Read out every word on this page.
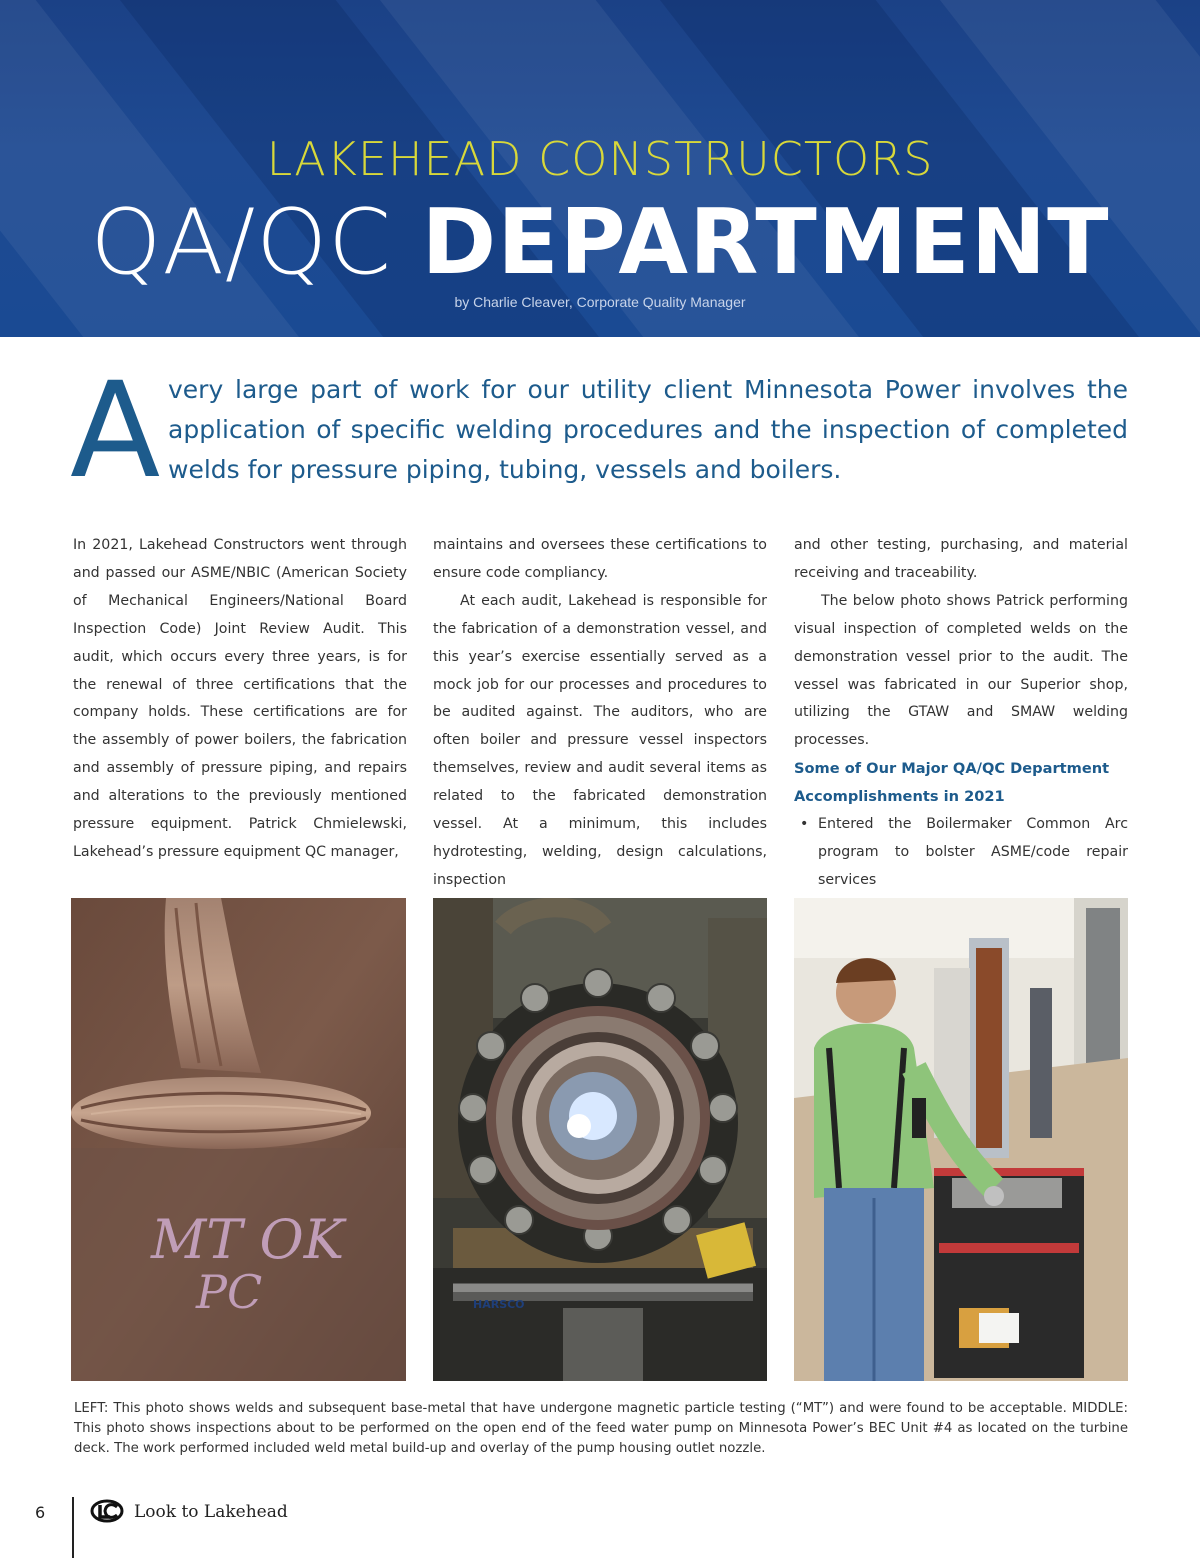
LAKEHEAD CONSTRUCTORS
QA/QC DEPARTMENT
by Charlie Cleaver, Corporate Quality Manager
A very large part of work for our utility client Minnesota Power involves the application of specific welding procedures and the inspection of completed welds for pressure piping, tubing, vessels and boilers.

In 2021, Lakehead Constructors went through and passed our ASME/NBIC (American Society of Mechanical Engineers/National Board Inspection Code) Joint Review Audit. This audit, which occurs every three years, is for the renewal of three certifications that the company holds. These certifications are for the assembly of power boilers, the fabrication and assembly of pressure piping, and repairs and alterations to the previously mentioned pressure equipment. Patrick Chmielewski, Lakehead’s pressure equipment QC manager,

maintains and oversees these certifications to ensure code compliancy.

At each audit, Lakehead is responsible for the fabrication of a demonstration vessel, and this year’s exercise essentially served as a mock job for our processes and procedures to be audited against. The auditors, who are often boiler and pressure vessel inspectors themselves, review and audit several items as related to the fabricated demonstration vessel. At a minimum, this includes hydrotesting, welding, design calculations, inspection

and other testing, purchasing, and material receiving and traceability.

The below photo shows Patrick performing visual inspection of completed welds on the demonstration vessel prior to the audit. The vessel was fabricated in our Superior shop, utilizing the GTAW and SMAW welding processes.

Some of Our Major QA/QC Department Accomplishments in 2021

• Entered the Boilermaker Common Arc program to bolster ASME/code repair services

MT OK
PC	HARSCO
LEFT: This photo shows welds and subsequent base-metal that have undergone magnetic particle testing (“MT”) and were found to be acceptable. MIDDLE: This photo shows inspections about to be performed on the open end of the feed water pump on Minnesota Power’s BEC Unit #4 as located on the turbine deck. The work performed included weld metal build-up and overlay of the pump housing outlet nozzle.
6	Look to Lakehead
